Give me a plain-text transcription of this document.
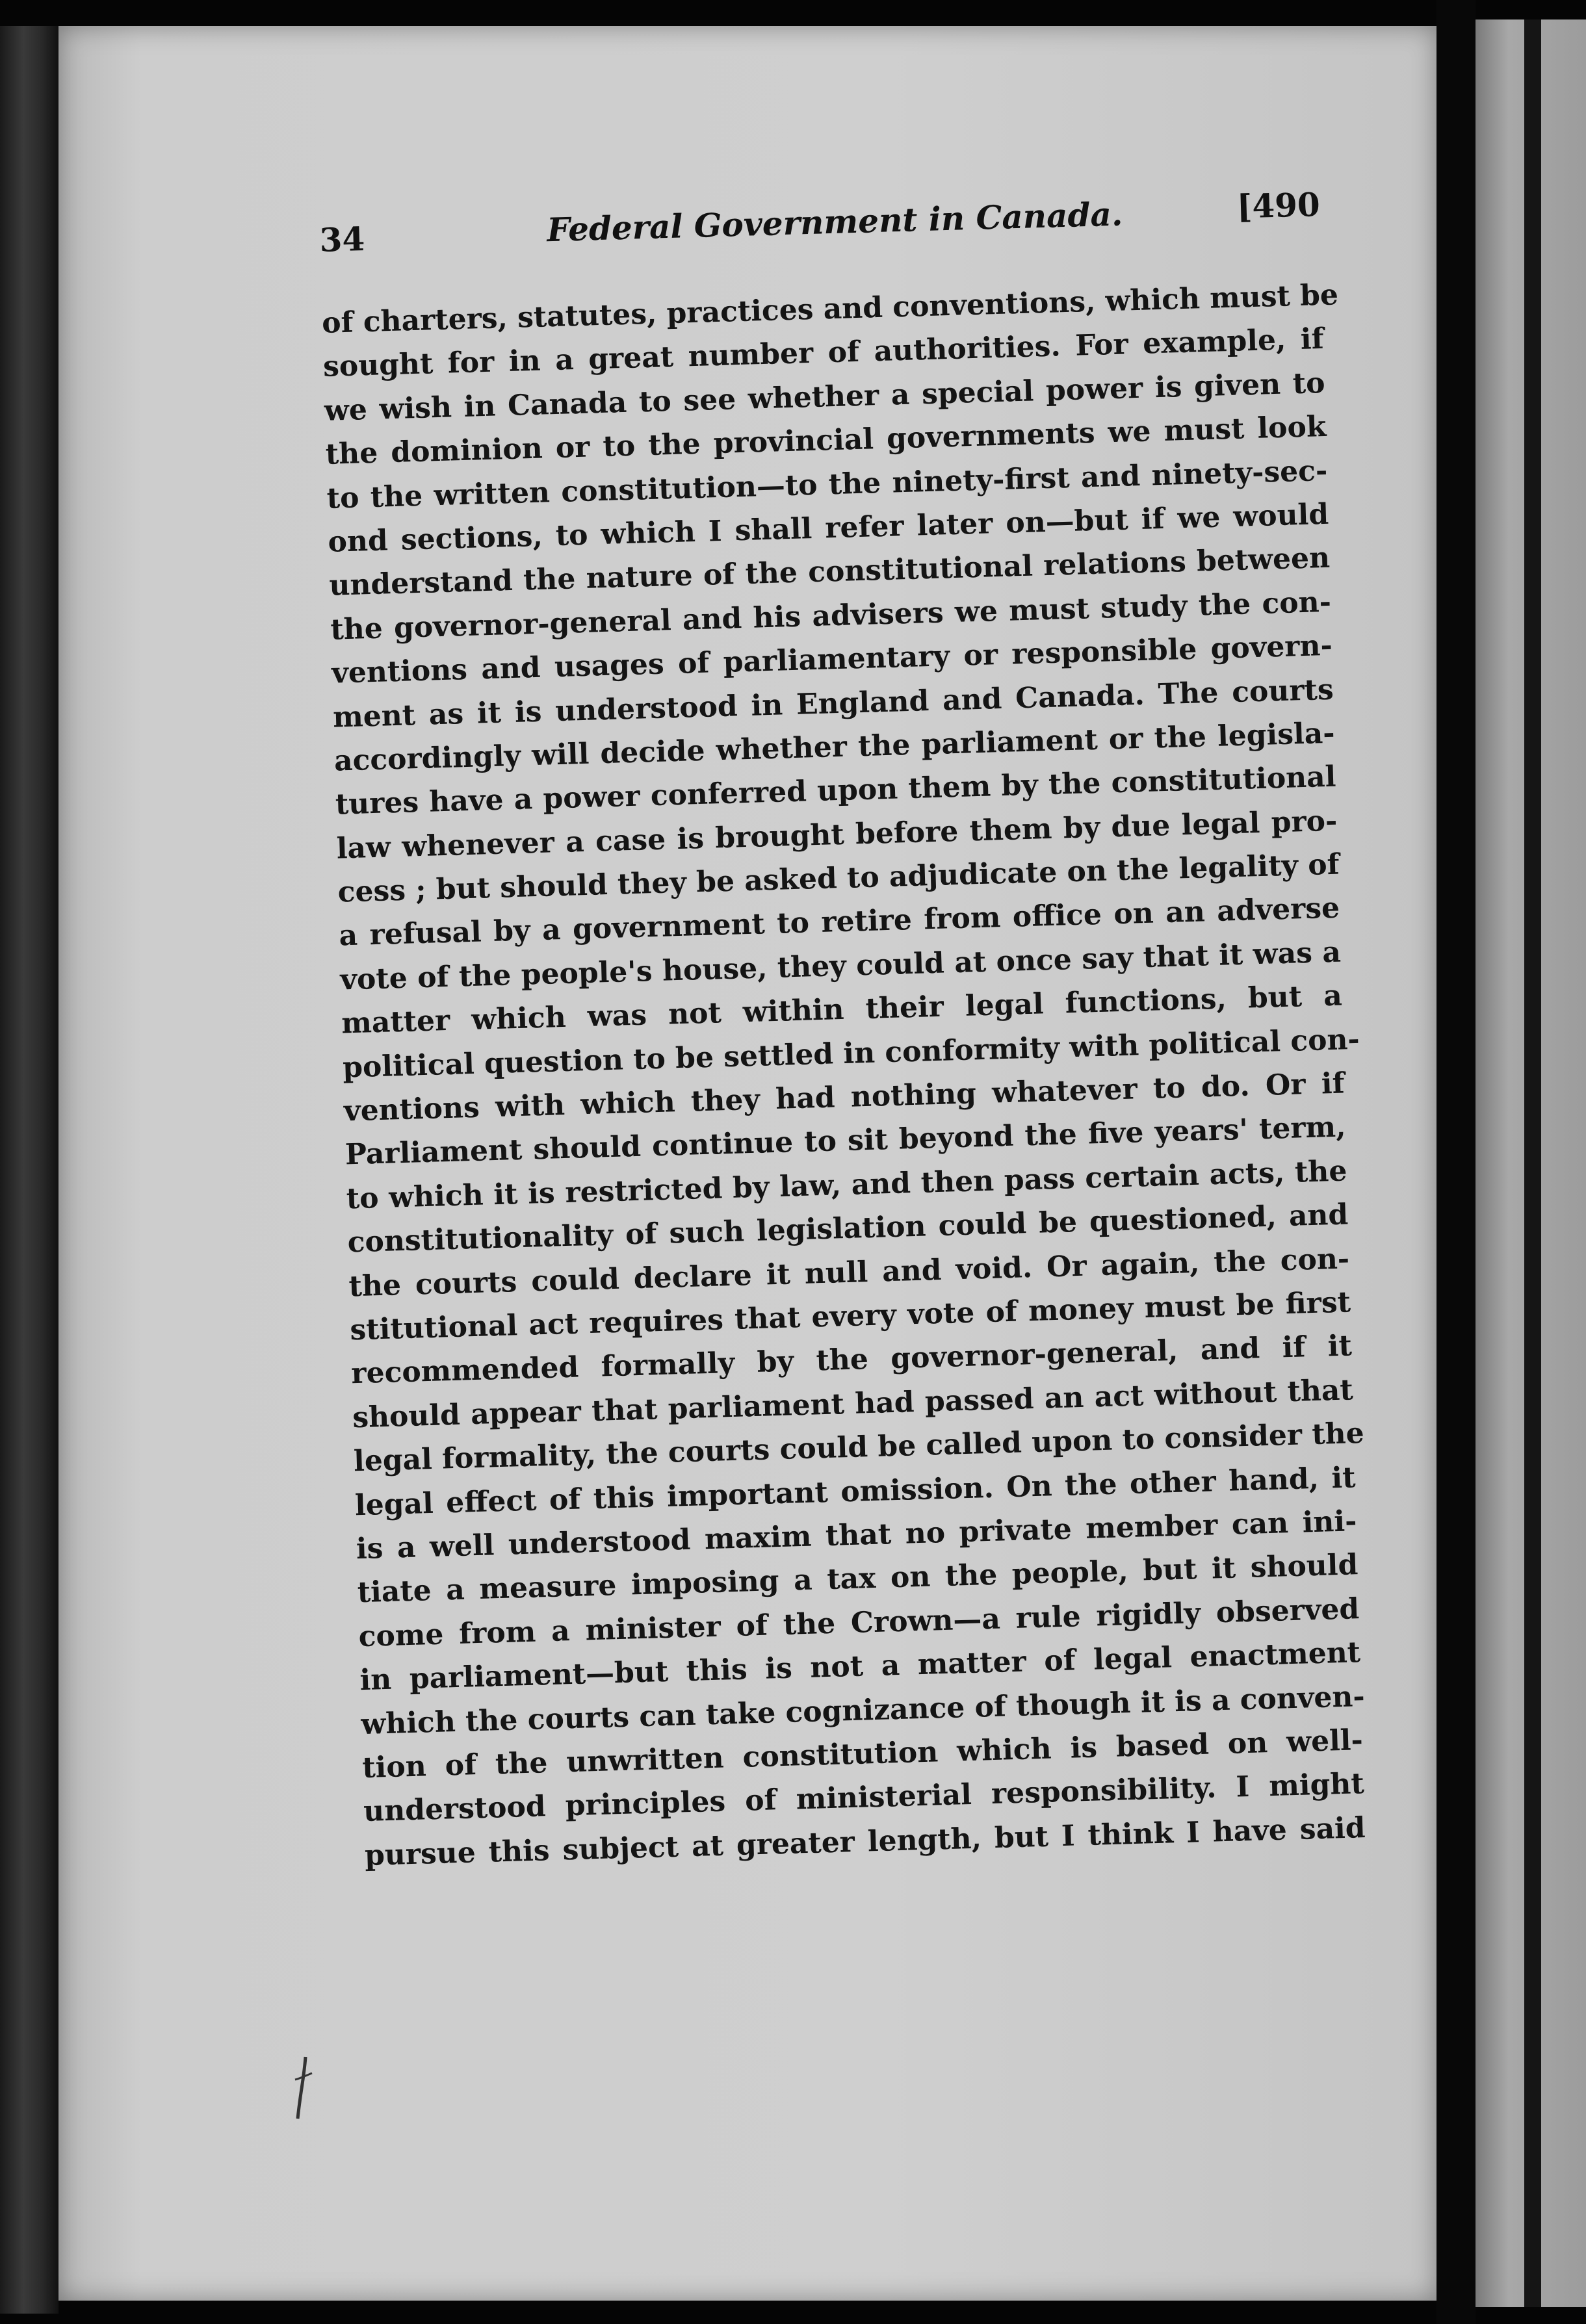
34	Federal Government in Canada.	[490
of charters, statutes, practices and conventions, which must be
sought for in a great number of authorities. For example, if
we wish in Canada to see whether a special power is given to
the dominion or to the provincial governments we must look
to the written constitution—to the ninety-first and ninety-sec-
ond sections, to which I shall refer later on—but if we would
understand the nature of the constitutional relations between
the governor-general and his advisers we must study the con-
ventions and usages of parliamentary or responsible govern-
ment as it is understood in England and Canada. The courts
accordingly will decide whether the parliament or the legisla-
tures have a power conferred upon them by the constitutional
law whenever a case is brought before them by due legal pro-
cess ; but should they be asked to adjudicate on the legality of
a refusal by a government to retire from office on an adverse
vote of the people's house, they could at once say that it was a
matter which was not within their legal functions, but a
political question to be settled in conformity with political con-
ventions with which they had nothing whatever to do. Or if
Parliament should continue to sit beyond the five years' term,
to which it is restricted by law, and then pass certain acts, the
constitutionality of such legislation could be questioned, and
the courts could declare it null and void. Or again, the con-
stitutional act requires that every vote of money must be first
recommended formally by the governor-general, and if it
should appear that parliament had passed an act without that
legal formality, the courts could be called upon to consider the
legal effect of this important omission. On the other hand, it
is a well understood maxim that no private member can ini-
tiate a measure imposing a tax on the people, but it should
come from a minister of the Crown—a rule rigidly observed
in parliament—but this is not a matter of legal enactment
which the courts can take cognizance of though it is a conven-
tion of the unwritten constitution which is based on well-
understood principles of ministerial responsibility. I might
pursue this subject at greater length, but I think I have said
